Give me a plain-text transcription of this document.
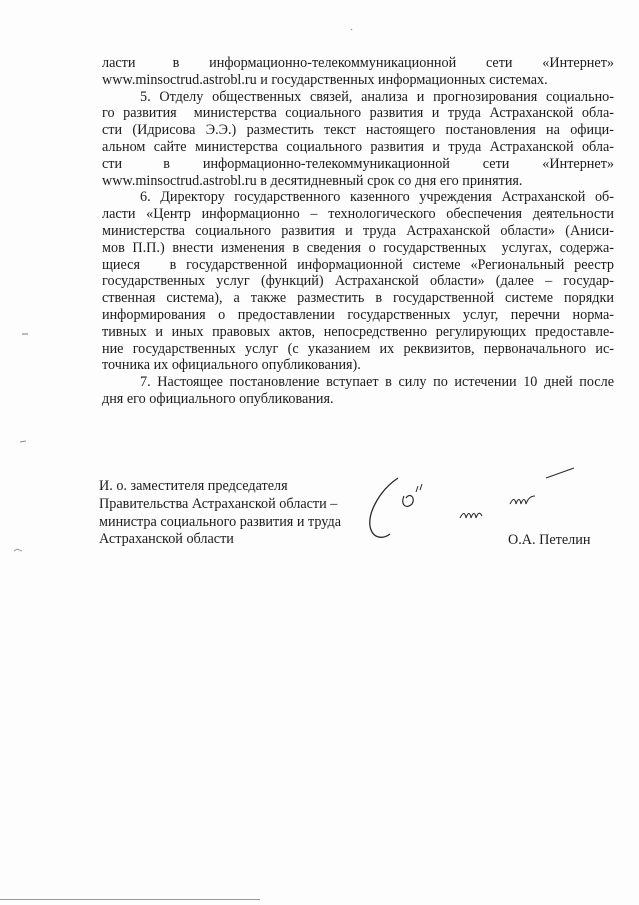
ласти     в    информационно-телекоммуникационной    сети    «Интернет»
www.minsoctrud.astrobl.ru и государственных информационных системах.
5. Отделу общественных связей, анализа и прогнозирования социально-
го развития  министерства социального развития и труда Астраханской обла-
сти (Идрисова Э.Э.) разместить текст настоящего постановления на офици-
альном сайте министерства социального развития и труда Астраханской обла-
сти     в    информационно-телекоммуникационной    сети    «Интернет»
www.minsoctrud.astrobl.ru в десятидневный срок со дня его принятия.
6. Директору государственного казенного учреждения Астраханской об-
ласти «Центр информационно – технологического обеспечения деятельности
министерства социального развития и труда Астраханской области» (Аниси-
мов П.П.) внести изменения в сведения о государственных  услугах, содержа-
щиеся   в государственной информационной системе «Региональный реестр
государственных услуг (функций) Астраханской области» (далее – государ-
ственная система), а также разместить в государственной системе порядки
информирования о предоставлении государственных услуг, перечни норма-
тивных и иных правовых актов, непосредственно регулирующих предоставле-
ние государственных услуг (с указанием их реквизитов, первоначального ис-
точника их официального опубликования).
7. Настоящее постановление вступает в силу по истечении 10 дней после
дня его официального опубликования.
И. о. заместителя председателя
Правительства Астраханской области –
министра социального развития и труда
Астраханской области	О.А. Петелин
